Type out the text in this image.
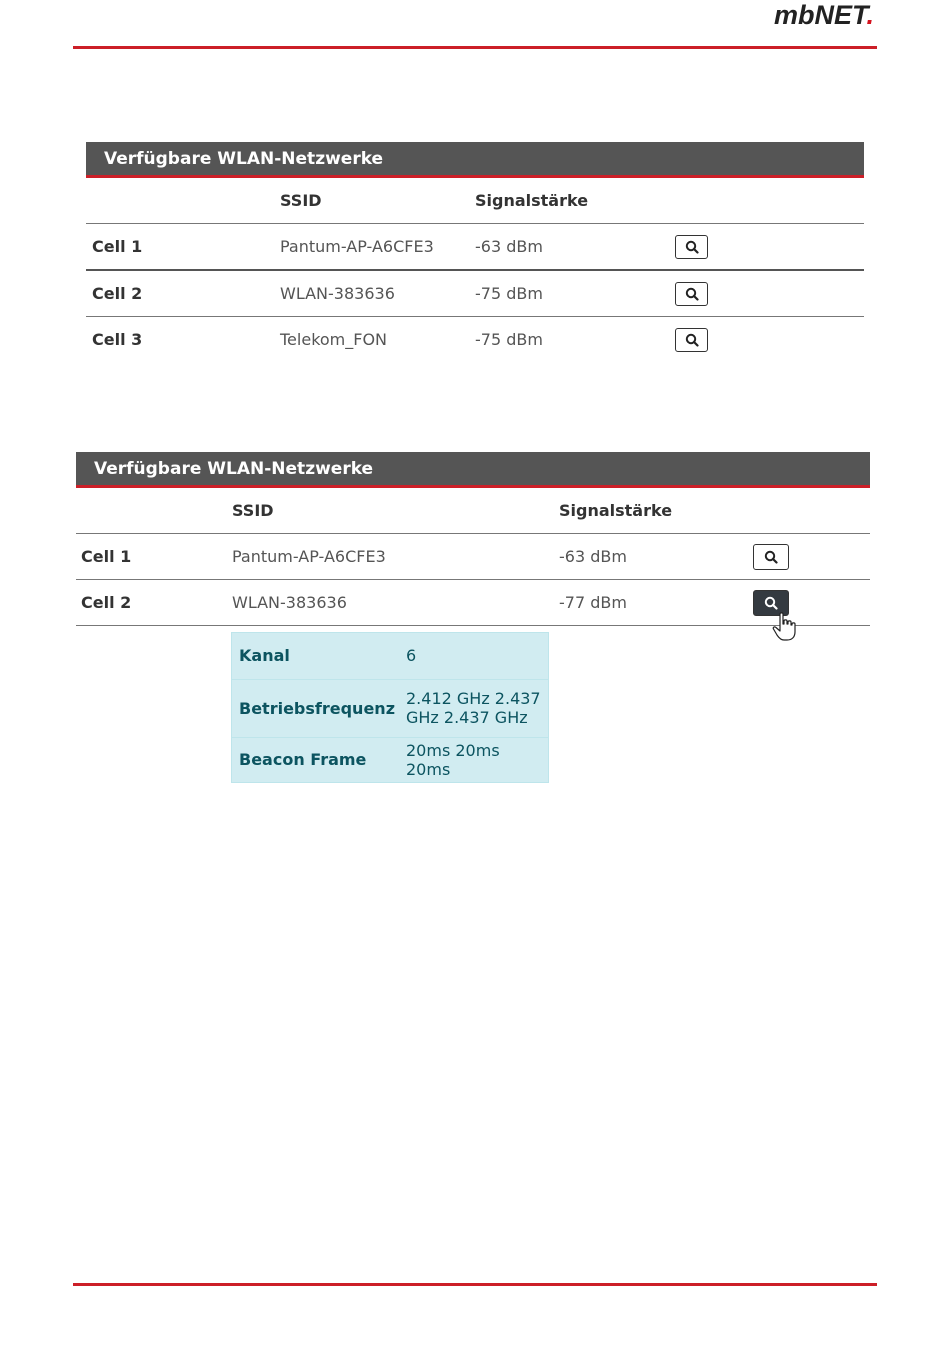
mbNET.
Verfügbare WLAN-Netzwerke
	SSID	Signalstärke	
Cell 1	Pantum-AP-A6CFE3	-63 dBm	

Cell 2	WLAN-383636	-75 dBm	

Cell 3	Telekom_FON	-75 dBm	
Verfügbare WLAN-Netzwerke
	SSID	Signalstärke	
Cell 1	Pantum-AP-A6CFE3	-63 dBm	

Cell 2	WLAN-383636	-77 dBm	
Kanal	6
Betriebsfrequenz	2.412 GHz 2.437 GHz 2.437 GHz
Beacon Frame	20ms 20ms 20ms
